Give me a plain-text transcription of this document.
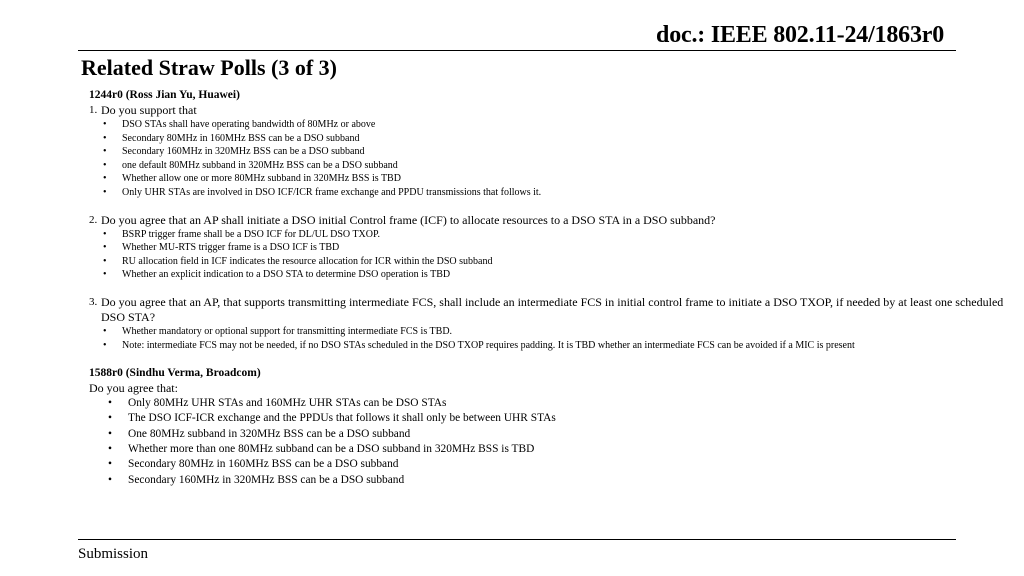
doc.: IEEE 802.11-24/1863r0
Related Straw Polls (3 of 3)
1244r0 (Ross Jian Yu, Huawei)
1. Do you support that
• DSO STAs shall have operating bandwidth of 80MHz or above
• Secondary 80MHz in 160MHz BSS can be a DSO subband
• Secondary 160MHz in 320MHz BSS can be a DSO subband
• one default 80MHz subband in 320MHz BSS can be a DSO subband
• Whether allow one or more 80MHz subband in 320MHz BSS is TBD
• Only UHR STAs are involved in DSO ICF/ICR frame exchange and PPDU transmissions that follows it.
2. Do you agree that an AP shall initiate a DSO initial Control frame (ICF) to allocate resources to a DSO STA in a DSO subband?
• BSRP trigger frame shall be a DSO ICF for DL/UL DSO TXOP.
• Whether MU-RTS trigger frame is a DSO ICF is TBD
• RU allocation field in ICF indicates the resource allocation for ICR within the DSO subband
• Whether an explicit indication to a DSO STA to determine DSO operation is TBD
3. Do you agree that an AP, that supports transmitting intermediate FCS, shall include an intermediate FCS in initial control frame to initiate a DSO TXOP, if needed by at least one scheduled DSO STA?
• Whether mandatory or optional support for transmitting intermediate FCS is TBD.
• Note: intermediate FCS may not be needed, if no DSO STAs scheduled in the DSO TXOP requires padding. It is TBD whether an intermediate FCS can be avoided if a MIC is present
1588r0 (Sindhu Verma, Broadcom)
Do you agree that:
• Only 80MHz UHR STAs and 160MHz UHR STAs can be DSO STAs
• The DSO ICF-ICR exchange and the PPDUs that follows it shall only be between UHR STAs
• One 80MHz subband in 320MHz BSS can be a DSO subband
• Whether more than one 80MHz subband can be a DSO subband in 320MHz BSS is TBD
• Secondary 80MHz in 160MHz BSS can be a DSO subband
• Secondary 160MHz in 320MHz BSS can be a DSO subband
Submission
